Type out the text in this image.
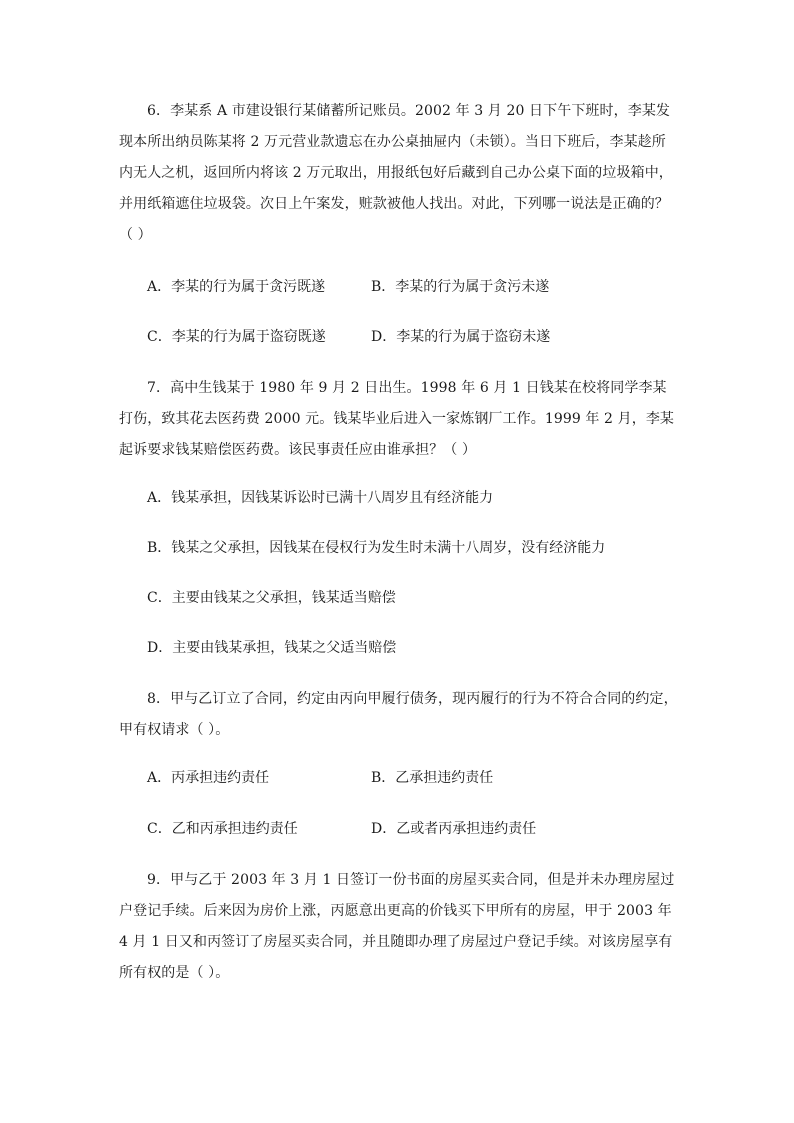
6．李某系 A 市建设银行某储蓄所记账员。2002 年 3 月 20 日下午下班时，李某发现本所出纳员陈某将 2 万元营业款遗忘在办公桌抽屉内（未锁）。当日下班后，李某趁所内无人之机，返回所内将该 2 万元取出，用报纸包好后藏到自己办公桌下面的垃圾箱中，并用纸箱遮住垃圾袋。次日上午案发，赃款被他人找出。对此，下列哪一说法是正确的？（ ）

A．李某的行为属于贪污既遂	B．李某的行为属于贪污未遂

C．李某的行为属于盗窃既遂	D．李某的行为属于盗窃未遂

7．高中生钱某于 1980 年 9 月 2 日出生。1998 年 6 月 1 日钱某在校将同学李某打伤，致其花去医药费 2000 元。钱某毕业后进入一家炼钢厂工作。1999 年 2 月，李某起诉要求钱某赔偿医药费。该民事责任应由谁承担？（ ）

A．钱某承担，因钱某诉讼时已满十八周岁且有经济能力

B．钱某之父承担，因钱某在侵权行为发生时未满十八周岁，没有经济能力

C．主要由钱某之父承担，钱某适当赔偿

D．主要由钱某承担，钱某之父适当赔偿

8．甲与乙订立了合同，约定由丙向甲履行债务，现丙履行的行为不符合合同的约定，甲有权请求（ ）。

A．丙承担违约责任	B．乙承担违约责任

C．乙和丙承担违约责任	D．乙或者丙承担违约责任

9．甲与乙于 2003 年 3 月 1 日签订一份书面的房屋买卖合同，但是并未办理房屋过户登记手续。后来因为房价上涨，丙愿意出更高的价钱买下甲所有的房屋，甲于 2003 年 4 月 1 日又和丙签订了房屋买卖合同，并且随即办理了房屋过户登记手续。对该房屋享有所有权的是（ ）。
